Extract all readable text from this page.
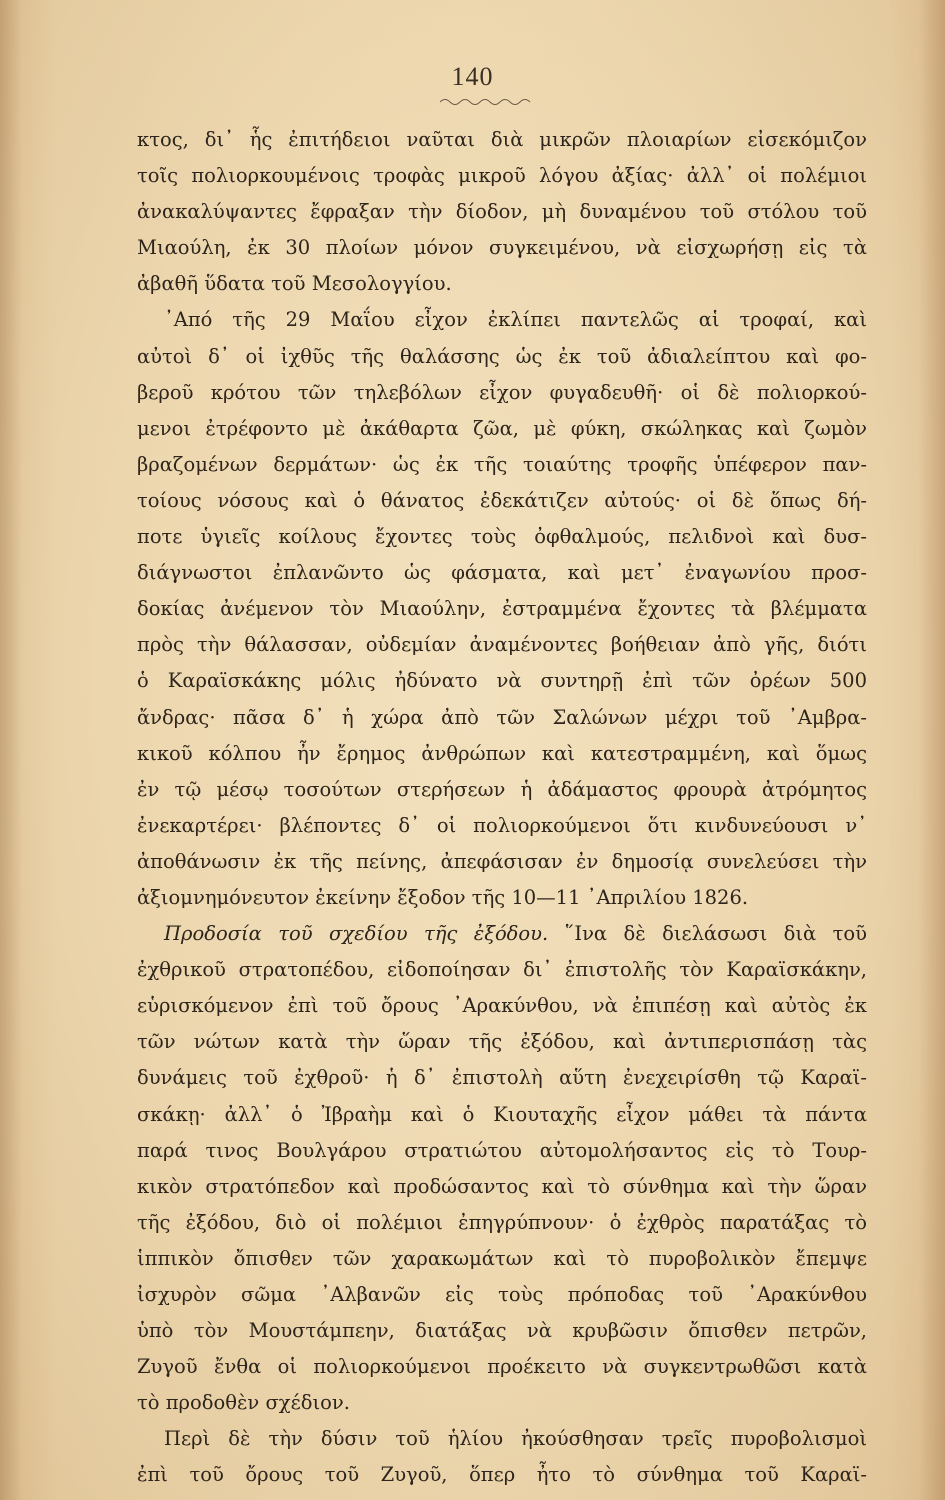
140
κτος, δι᾿ ἧς ἐπιτήδειοι ναῦται διὰ μικρῶν πλοιαρίων εἰσεκόμιζον
τοῖς πολιορκουμένοις τροφὰς μικροῦ λόγου ἀξίας· ἀλλ᾿ οἱ πολέμιοι
ἀνακαλύψαντες ἔφραξαν τὴν δίοδον, μὴ δυναμένου τοῦ στόλου τοῦ
Μιαούλη, ἐκ 30 πλοίων μόνον συγκειμένου, νὰ εἰσχωρήσῃ εἰς τὰ
ἀβαθῆ ὕδατα τοῦ Μεσολογγίου.
᾿Από τῆς 29 Μαΐου εἶχον ἐκλίπει παντελῶς αἱ τροφαί, καὶ
αὐτοὶ δ᾿ οἱ ἰχθῦς τῆς θαλάσσης ὡς ἐκ τοῦ ἀδιαλείπτου καὶ φο-
βεροῦ κρότου τῶν τηλεβόλων εἶχον φυγαδευθῆ· οἱ δὲ πολιορκού-
μενοι ἐτρέφοντο μὲ ἀκάθαρτα ζῶα, μὲ φύκη, σκώληκας καὶ ζωμὸν
βραζομένων δερμάτων· ὡς ἐκ τῆς τοιαύτης τροφῆς ὑπέφερον παν-
τοίους νόσους καὶ ὁ θάνατος ἐδεκάτιζεν αὐτούς· οἱ δὲ ὅπως δή-
ποτε ὑγιεῖς κοίλους ἔχοντες τοὺς ὀφθαλμούς, πελιδνοὶ καὶ δυσ-
διάγνωστοι ἐπλανῶντο ὡς φάσματα, καὶ μετ᾿ ἐναγωνίου προσ-
δοκίας ἀνέμενον τὸν Μιαούλην, ἐστραμμένα ἔχοντες τὰ βλέμματα
πρὸς τὴν θάλασσαν, οὐδεμίαν ἀναμένοντες βοήθειαν ἀπὸ γῆς, διότι
ὁ Καραϊσκάκης μόλις ἠδύνατο νὰ συντηρῇ ἐπὶ τῶν ὀρέων 500
ἄνδρας· πᾶσα δ᾿ ἡ χώρα ἀπὸ τῶν Σαλώνων μέχρι τοῦ ᾿Αμβρα-
κικοῦ κόλπου ἦν ἔρημος ἀνθρώπων καὶ κατεστραμμένη, καὶ ὅμως
ἐν τῷ μέσῳ τοσούτων στερήσεων ἡ ἀδάμαστος φρουρὰ ἀτρόμητος
ἐνεκαρτέρει· βλέποντες δ᾿ οἱ πολιορκούμενοι ὅτι κινδυνεύουσι ν᾿
ἀποθάνωσιν ἐκ τῆς πείνης, ἀπεφάσισαν ἐν δημοσίᾳ συνελεύσει τὴν
ἀξιομνημόνευτον ἐκείνην ἔξοδον τῆς 10—11 ᾿Απριλίου 1826.
Προδοσία τοῦ σχεδίου τῆς ἐξόδου. ῞Ινα δὲ διελάσωσι διὰ τοῦ
ἐχθρικοῦ στρατοπέδου, εἰδοποίησαν δι᾿ ἐπιστολῆς τὸν Καραϊσκάκην,
εὑρισκόμενον ἐπὶ τοῦ ὄρους ᾿Αρακύνθου, νὰ ἐπιπέσῃ καὶ αὐτὸς ἐκ
τῶν νώτων κατὰ τὴν ὥραν τῆς ἐξόδου, καὶ ἀντιπερισπάσῃ τὰς
δυνάμεις τοῦ ἐχθροῦ· ἡ δ᾿ ἐπιστολὴ αὕτη ἐνεχειρίσθη τῷ Καραϊ-
σκάκῃ· ἀλλ᾿ ὁ Ἰβραὴμ καὶ ὁ Κιουταχῆς εἶχον μάθει τὰ πάντα
παρά τινος Βουλγάρου στρατιώτου αὐτομολήσαντος εἰς τὸ Τουρ-
κικὸν στρατόπεδον καὶ προδώσαντος καὶ τὸ σύνθημα καὶ τὴν ὥραν
τῆς ἐξόδου, διὸ οἱ πολέμιοι ἐπηγρύπνουν· ὁ ἐχθρὸς παρατάξας τὸ
ἱππικὸν ὄπισθεν τῶν χαρακωμάτων καὶ τὸ πυροβολικὸν ἔπεμψε
ἰσχυρὸν σῶμα ᾿Αλβανῶν εἰς τοὺς πρόποδας τοῦ ᾿Αρακύνθου
ὑπὸ τὸν Μουστάμπεην, διατάξας νὰ κρυβῶσιν ὄπισθεν πετρῶν,
Ζυγοῦ ἔνθα οἱ πολιορκούμενοι προέκειτο νὰ συγκεντρωθῶσι κατὰ
τὸ προδοθὲν σχέδιον.
Περὶ δὲ τὴν δύσιν τοῦ ἡλίου ἠκούσθησαν τρεῖς πυροβολισμοὶ
ἐπὶ τοῦ ὄρους τοῦ Ζυγοῦ, ὅπερ ἦτο τὸ σύνθημα τοῦ Καραϊ-
